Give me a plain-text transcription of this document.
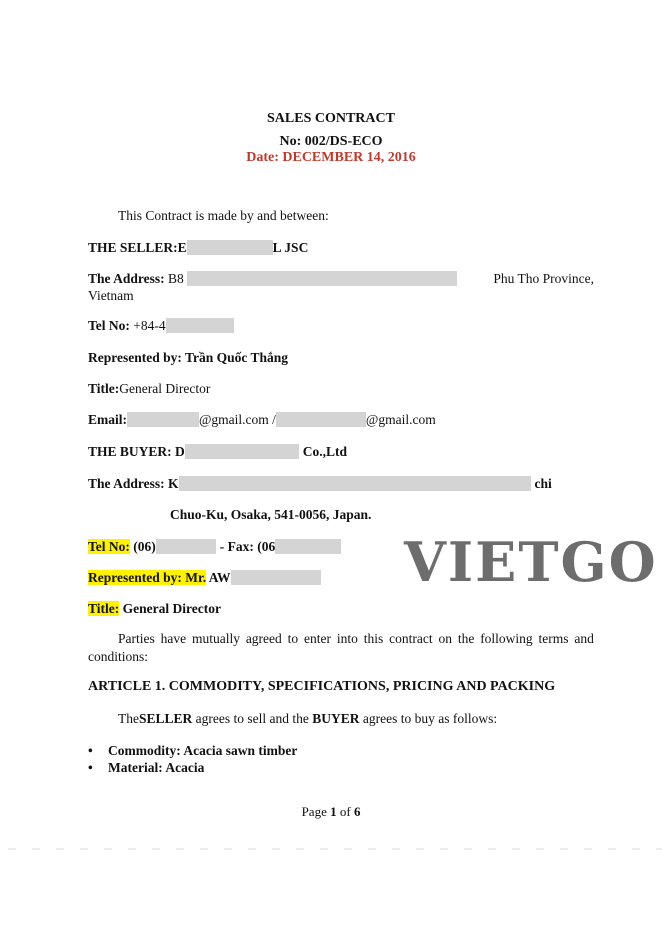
SALES CONTRACT
No: 002/DS-ECO
Date: DECEMBER 14, 2016
This Contract is made by and between:
THE SELLER:E	L JSC
The Address: B8	Phu Tho Province,
Vietnam
Tel No: +84-4
Represented by: Trần Quốc Thắng
Title:General Director
Email:	@gmail.com /	@gmail.com
THE BUYER: D	Co.,Ltd
The Address: K	chi
Chuo-Ku, Osaka, 541-0056, Japan.
Tel No: (06)	- Fax: (06
Represented by: Mr. AW
Title: General Director
VIETGO
Parties have mutually agreed to enter into this contract on the following terms and
conditions:
ARTICLE 1. COMMODITY, SPECIFICATIONS, PRICING AND PACKING
TheSELLER agrees to sell and the BUYER agrees to buy as follows:
• Commodity: Acacia sawn timber
• Material: Acacia
Page 1 of 6
